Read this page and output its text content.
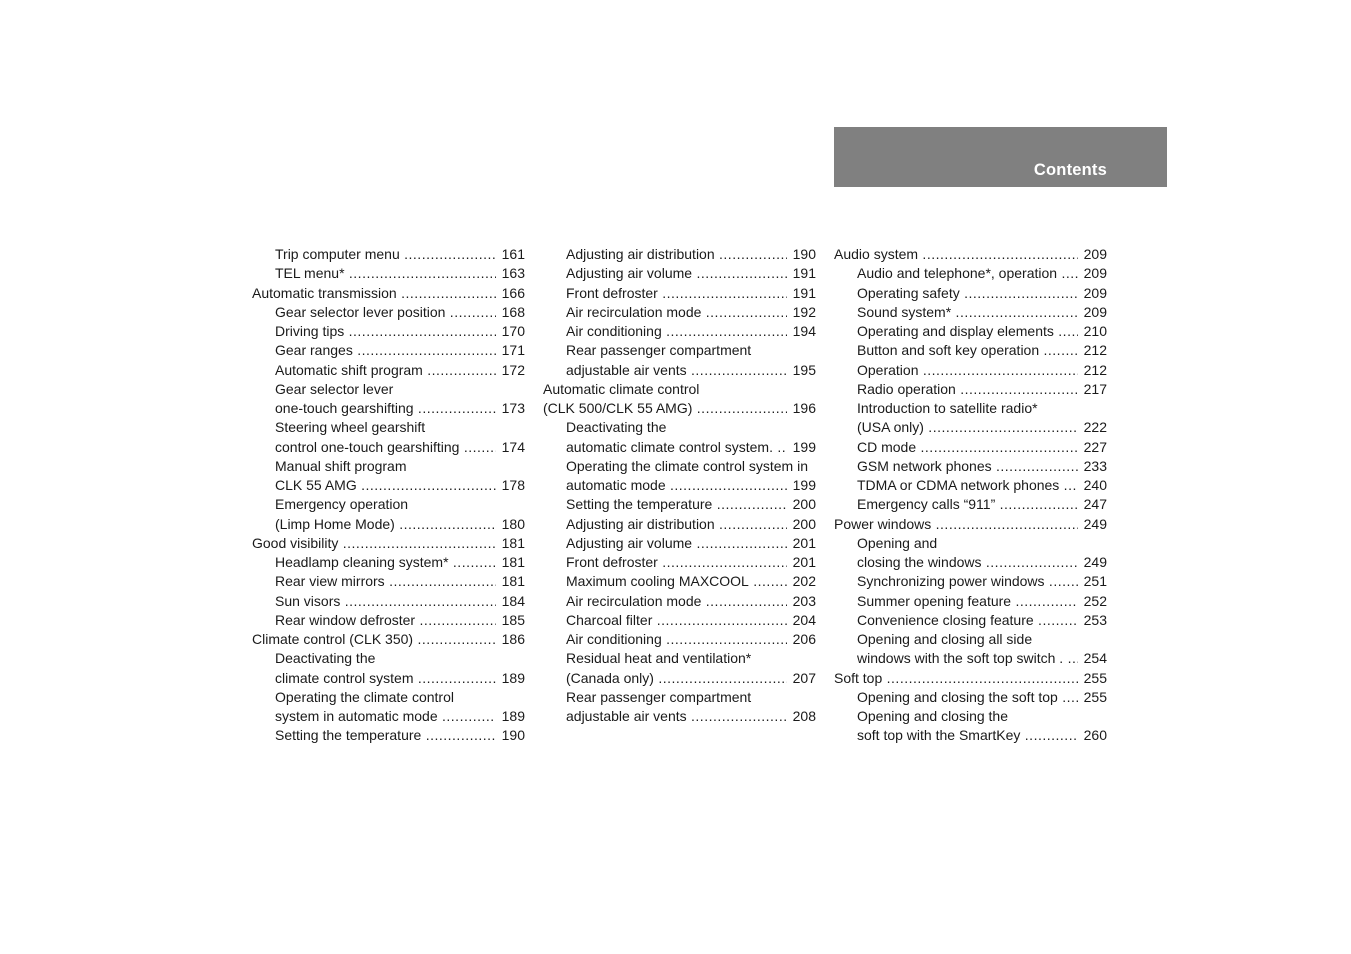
Contents
Trip computer menu .....	161
TEL menu* .....	163
Automatic transmission .....	166
Gear selector lever position .....	168
Driving tips .....	170
Gear ranges .....	171
Automatic shift program .....	172
Gear selector lever
one-touch gearshifting .....	173
Steering wheel gearshift
control one-touch gearshifting .....	174
Manual shift program
CLK 55 AMG .....	178
Emergency operation
(Limp Home Mode) .....	180
Good visibility .....	181
Headlamp cleaning system* .....	181
Rear view mirrors .....	181
Sun visors .....	184
Rear window defroster .....	185
Climate control (CLK 350) .....	186
Deactivating the
climate control system .....	189
Operating the climate control
system in automatic mode .....	189
Setting the temperature .....	190
Adjusting air distribution .....	190
Adjusting air volume .....	191
Front defroster .....	191
Air recirculation mode .....	192
Air conditioning .....	194
Rear passenger compartment
adjustable air vents .....	195
Automatic climate control
(CLK 500/CLK 55 AMG) .....	196
Deactivating the
automatic climate control system. .....	199
Operating the climate control system in
automatic mode .....	199
Setting the temperature .....	200
Adjusting air distribution .....	200
Adjusting air volume .....	201
Front defroster .....	201
Maximum cooling MAXCOOL .....	202
Air recirculation mode .....	203
Charcoal filter .....	204
Air conditioning .....	206
Residual heat and ventilation*
(Canada only) .....	207
Rear passenger compartment
adjustable air vents .....	208
Audio system .....	209
Audio and telephone*, operation .....	209
Operating safety .....	209
Sound system* .....	209
Operating and display elements .....	210
Button and soft key operation .....	212
Operation .....	212
Radio operation .....	217
Introduction to satellite radio*
(USA only) .....	222
CD mode .....	227
GSM network phones .....	233
TDMA or CDMA network phones .....	240
Emergency calls “911” .....	247
Power windows .....	249
Opening and
closing the windows .....	249
Synchronizing power windows .....	251
Summer opening feature .....	252
Convenience closing feature .....	253
Opening and closing all side
windows with the soft top switch . .....	254
Soft top .....	255
Opening and closing the soft top .....	255
Opening and closing the
soft top with the SmartKey .....	260
